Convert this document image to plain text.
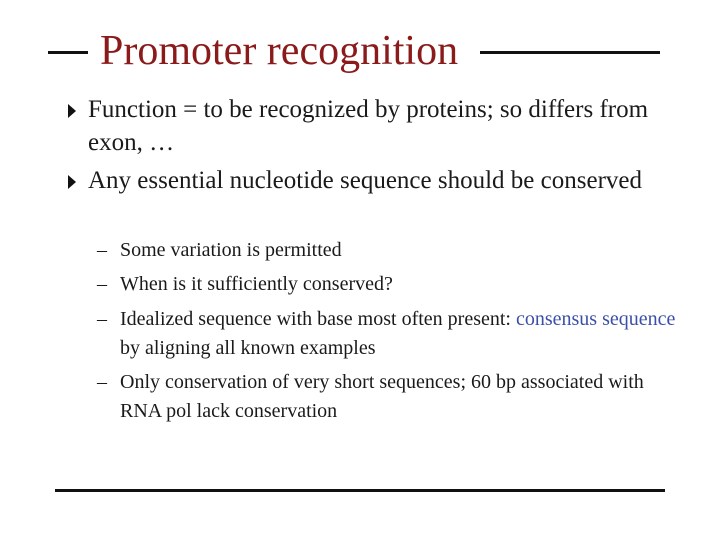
Promoter recognition
Function = to be recognized by proteins; so differs from exon, …
Any essential nucleotide sequence should be conserved
– Some variation is permitted
– When is it sufficiently conserved?
– Idealized sequence with base most often present: consensus sequence by aligning all known examples
– Only conservation of very short sequences; 60 bp associated with RNA pol lack conservation
